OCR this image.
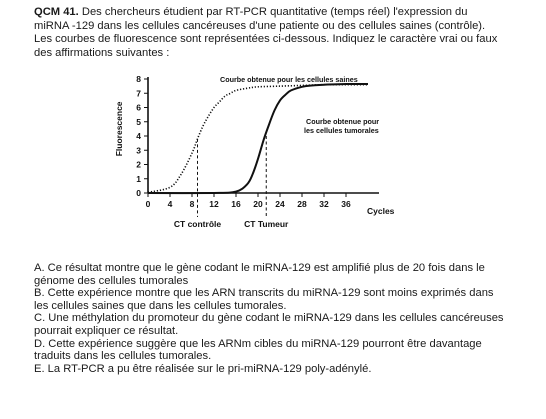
QCM 41. Des chercheurs étudient par RT-PCR quantitative (temps réel) l'expression du miRNA -129 dans les cellules cancéreuses d'une patiente ou des cellules saines (contrôle). Les courbes de fluorescence sont représentées ci-dessous. Indiquez le caractère vrai ou faux des affirmations suivantes :
0 4 8 12 16 20 24 28 32 36
0
1
2
3
4
5
6
7
8
Cycles
Fluorescence
Courbe obtenue pour les cellules saines
Courbe obtenue pour
les cellules tumorales
CT contrôle	CT Tumeur

A. Ce résultat montre que le gène codant le miRNA-129 est amplifié plus de 20 fois dans le génome des cellules tumorales

B. Cette expérience montre que les ARN transcrits du miRNA-129 sont moins exprimés dans les cellules saines que dans les cellules tumorales.

C. Une méthylation du promoteur du gène codant le miRNA-129 dans les cellules cancéreuses pourrait expliquer ce résultat.

D. Cette expérience suggère que les ARNm cibles du miRNA-129 pourront être davantage traduits dans les cellules tumorales.

E. La RT-PCR a pu être réalisée sur le pri-miRNA-129 poly-adénylé.
